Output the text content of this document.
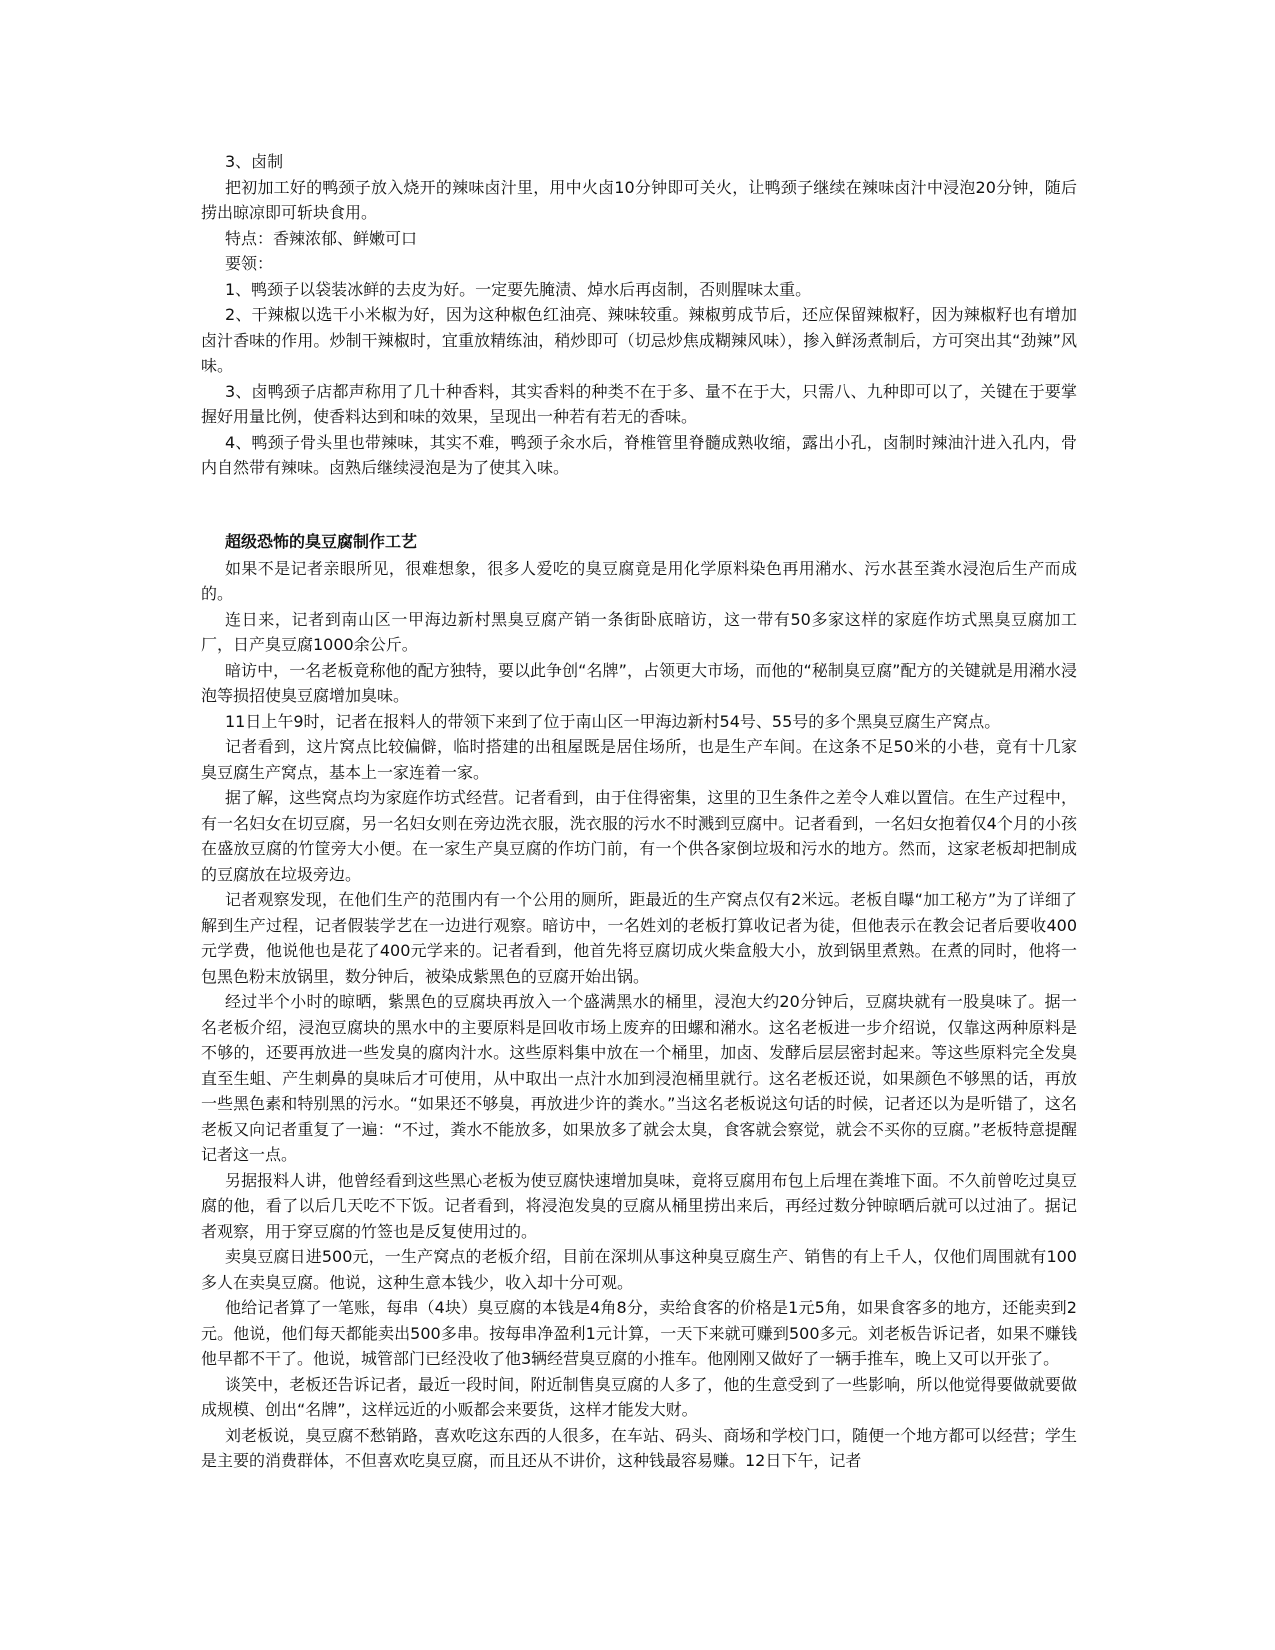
3、卤制

把初加工好的鸭颈子放入烧开的辣味卤汁里，用中火卤10分钟即可关火，让鸭颈子继续在辣味卤汁中浸泡20分钟，随后捞出晾凉即可斩块食用。

特点：香辣浓郁、鲜嫩可口

要领：

1、鸭颈子以袋装冰鲜的去皮为好。一定要先腌渍、焯水后再卤制，否则腥味太重。

2、干辣椒以选干小米椒为好，因为这种椒色红油亮、辣味较重。辣椒剪成节后，还应保留辣椒籽，因为辣椒籽也有增加卤汁香味的作用。炒制干辣椒时，宜重放精练油，稍炒即可（切忌炒焦成糊辣风味），掺入鲜汤煮制后，方可突出其“劲辣”风味。

3、卤鸭颈子店都声称用了几十种香料，其实香料的种类不在于多、量不在于大，只需八、九种即可以了，关键在于要掌握好用量比例，使香料达到和味的效果，呈现出一种若有若无的香味。

4、鸭颈子骨头里也带辣味，其实不难，鸭颈子汆水后，脊椎管里脊髓成熟收缩，露出小孔，卤制时辣油汁进入孔内，骨内自然带有辣味。卤熟后继续浸泡是为了使其入味。

超级恐怖的臭豆腐制作工艺

如果不是记者亲眼所见，很难想象，很多人爱吃的臭豆腐竟是用化学原料染色再用潲水、污水甚至粪水浸泡后生产而成的。

连日来，记者到南山区一甲海边新村黑臭豆腐产销一条街卧底暗访，这一带有50多家这样的家庭作坊式黑臭豆腐加工厂，日产臭豆腐1000余公斤。

暗访中，一名老板竟称他的配方独特，要以此争创“名牌”，占领更大市场，而他的“秘制臭豆腐”配方的关键就是用潲水浸泡等损招使臭豆腐增加臭味。

11日上午9时，记者在报料人的带领下来到了位于南山区一甲海边新村54号、55号的多个黑臭豆腐生产窝点。

记者看到，这片窝点比较偏僻，临时搭建的出租屋既是居住场所，也是生产车间。在这条不足50米的小巷，竟有十几家臭豆腐生产窝点，基本上一家连着一家。

据了解，这些窝点均为家庭作坊式经营。记者看到，由于住得密集，这里的卫生条件之差令人难以置信。在生产过程中，有一名妇女在切豆腐，另一名妇女则在旁边洗衣服，洗衣服的污水不时溅到豆腐中。记者看到，一名妇女抱着仅4个月的小孩在盛放豆腐的竹筐旁大小便。在一家生产臭豆腐的作坊门前，有一个供各家倒垃圾和污水的地方。然而，这家老板却把制成的豆腐放在垃圾旁边。

记者观察发现，在他们生产的范围内有一个公用的厕所，距最近的生产窝点仅有2米远。老板自曝“加工秘方”为了详细了解到生产过程，记者假装学艺在一边进行观察。暗访中，一名姓刘的老板打算收记者为徒，但他表示在教会记者后要收400元学费，他说他也是花了400元学来的。记者看到，他首先将豆腐切成火柴盒般大小，放到锅里煮熟。在煮的同时，他将一包黑色粉末放锅里，数分钟后，被染成紫黑色的豆腐开始出锅。

经过半个小时的晾晒，紫黑色的豆腐块再放入一个盛满黑水的桶里，浸泡大约20分钟后，豆腐块就有一股臭味了。据一名老板介绍，浸泡豆腐块的黑水中的主要原料是回收市场上废弃的田螺和潲水。这名老板进一步介绍说，仅靠这两种原料是不够的，还要再放进一些发臭的腐肉汁水。这些原料集中放在一个桶里，加卤、发酵后层层密封起来。等这些原料完全发臭直至生蛆、产生刺鼻的臭味后才可使用，从中取出一点汁水加到浸泡桶里就行。这名老板还说，如果颜色不够黑的话，再放一些黑色素和特别黑的污水。“如果还不够臭，再放进少许的粪水。”当这名老板说这句话的时候，记者还以为是听错了，这名老板又向记者重复了一遍：“不过，粪水不能放多，如果放多了就会太臭，食客就会察觉，就会不买你的豆腐。”老板特意提醒记者这一点。

另据报料人讲，他曾经看到这些黑心老板为使豆腐快速增加臭味，竟将豆腐用布包上后埋在粪堆下面。不久前曾吃过臭豆腐的他，看了以后几天吃不下饭。记者看到，将浸泡发臭的豆腐从桶里捞出来后，再经过数分钟晾晒后就可以过油了。据记者观察，用于穿豆腐的竹签也是反复使用过的。

卖臭豆腐日进500元，一生产窝点的老板介绍，目前在深圳从事这种臭豆腐生产、销售的有上千人，仅他们周围就有100多人在卖臭豆腐。他说，这种生意本钱少，收入却十分可观。

他给记者算了一笔账，每串（4块）臭豆腐的本钱是4角8分，卖给食客的价格是1元5角，如果食客多的地方，还能卖到2元。他说，他们每天都能卖出500多串。按每串净盈利1元计算，一天下来就可赚到500多元。刘老板告诉记者，如果不赚钱他早都不干了。他说，城管部门已经没收了他3辆经营臭豆腐的小推车。他刚刚又做好了一辆手推车，晚上又可以开张了。

谈笑中，老板还告诉记者，最近一段时间，附近制售臭豆腐的人多了，他的生意受到了一些影响，所以他觉得要做就要做成规模、创出“名牌”，这样远近的小贩都会来要货，这样才能发大财。

刘老板说，臭豆腐不愁销路，喜欢吃这东西的人很多，在车站、码头、商场和学校门口，随便一个地方都可以经营；学生是主要的消费群体，不但喜欢吃臭豆腐，而且还从不讲价，这种钱最容易赚。12日下午，记者
